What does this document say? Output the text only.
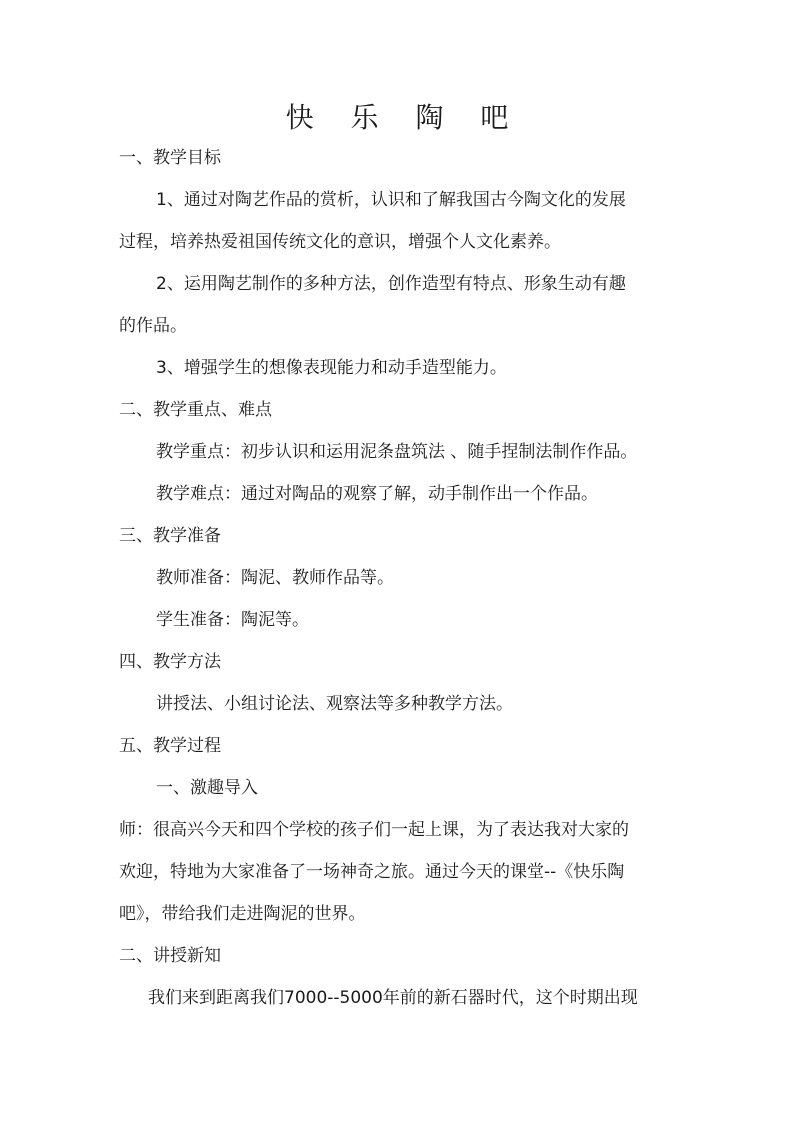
快 乐 陶 吧
一、教学目标
1、通过对陶艺作品的赏析，认识和了解我国古今陶文化的发展
过程，培养热爱祖国传统文化的意识，增强个人文化素养。
2、运用陶艺制作的多种方法，创作造型有特点、形象生动有趣
的作品。
3、增强学生的想像表现能力和动手造型能力。
二、教学重点、难点
教学重点：初步认识和运用泥条盘筑法 、随手捏制法制作作品。
教学难点：通过对陶品的观察了解，动手制作出一个作品。
三、教学准备
教师准备：陶泥、教师作品等。
学生准备：陶泥等。
四、教学方法
讲授法、小组讨论法、观察法等多种教学方法。
五、教学过程
一、激趣导入
师：很高兴今天和四个学校的孩子们一起上课，为了表达我对大家的
欢迎，特地为大家准备了一场神奇之旅。通过今天的课堂--《快乐陶
吧》，带给我们走进陶泥的世界。
二、讲授新知
我们来到距离我们7000--5000年前的新石器时代，这个时期出现
